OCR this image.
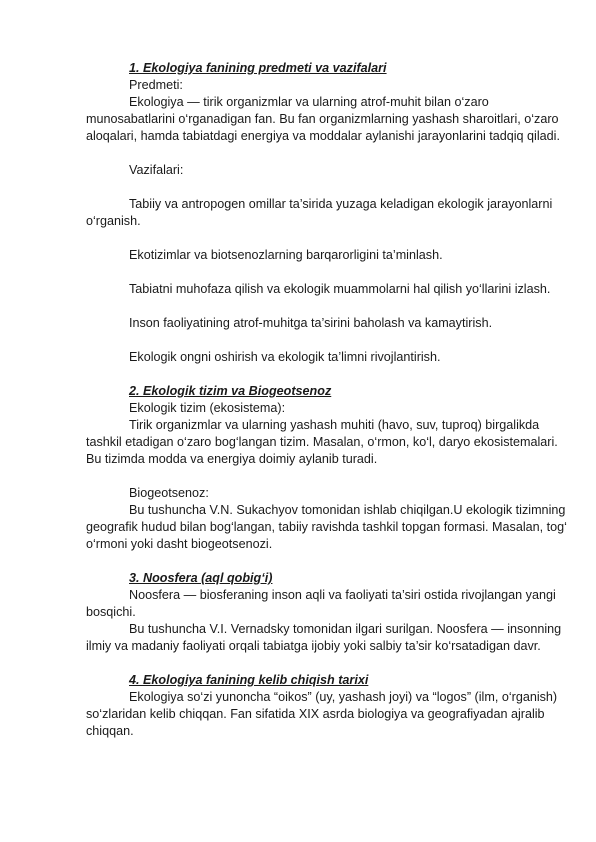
1. Ekologiya fanining predmeti va vazifalari

Predmeti:

Ekologiya — tirik organizmlar va ularning atrof-muhit bilan o‘zaro munosabatlarini o‘rganadigan fan. Bu fan organizmlarning yashash sharoitlari, o‘zaro aloqalari, hamda tabiatdagi energiya va moddalar aylanishi jarayonlarini tadqiq qiladi.

Vazifalari:

Tabiiy va antropogen omillar ta’sirida yuzaga keladigan ekologik jarayonlarni o‘rganish.

Ekotizimlar va biotsenozlarning barqarorligini ta’minlash.

Tabiatni muhofaza qilish va ekologik muammolarni hal qilish yo‘llarini izlash.

Inson faoliyatining atrof-muhitga ta’sirini baholash va kamaytirish.

Ekologik ongni oshirish va ekologik ta’limni rivojlantirish.

2. Ekologik tizim va Biogeotsenoz

Ekologik tizim (ekosistema):

Tirik organizmlar va ularning yashash muhiti (havo, suv, tuproq) birgalikda tashkil etadigan o‘zaro bog‘langan tizim. Masalan, o‘rmon, ko‘l, daryo ekosistemalari. Bu tizimda modda va energiya doimiy aylanib turadi.

Biogeotsenoz:

Bu tushuncha V.N. Sukachyov tomonidan ishlab chiqilgan.U ekologik tizimning geografik hudud bilan bog‘langan, tabiiy ravishda tashkil topgan formasi. Masalan, tog‘ o‘rmoni yoki dasht biogeotsenozi.

3. Noosfera (aql qobig‘i)

Noosfera — biosferaning inson aqli va faoliyati ta’siri ostida rivojlangan yangi bosqichi.

Bu tushuncha V.I. Vernadsky tomonidan ilgari surilgan. Noosfera — insonning ilmiy va madaniy faoliyati orqali tabiatga ijobiy yoki salbiy ta’sir ko‘rsatadigan davr.

4. Ekologiya fanining kelib chiqish tarixi

Ekologiya so‘zi yunoncha “oikos” (uy, yashash joyi) va “logos” (ilm, o‘rganish) so‘zlaridan kelib chiqqan. Fan sifatida XIX asrda biologiya va geografiyadan ajralib chiqqan.
